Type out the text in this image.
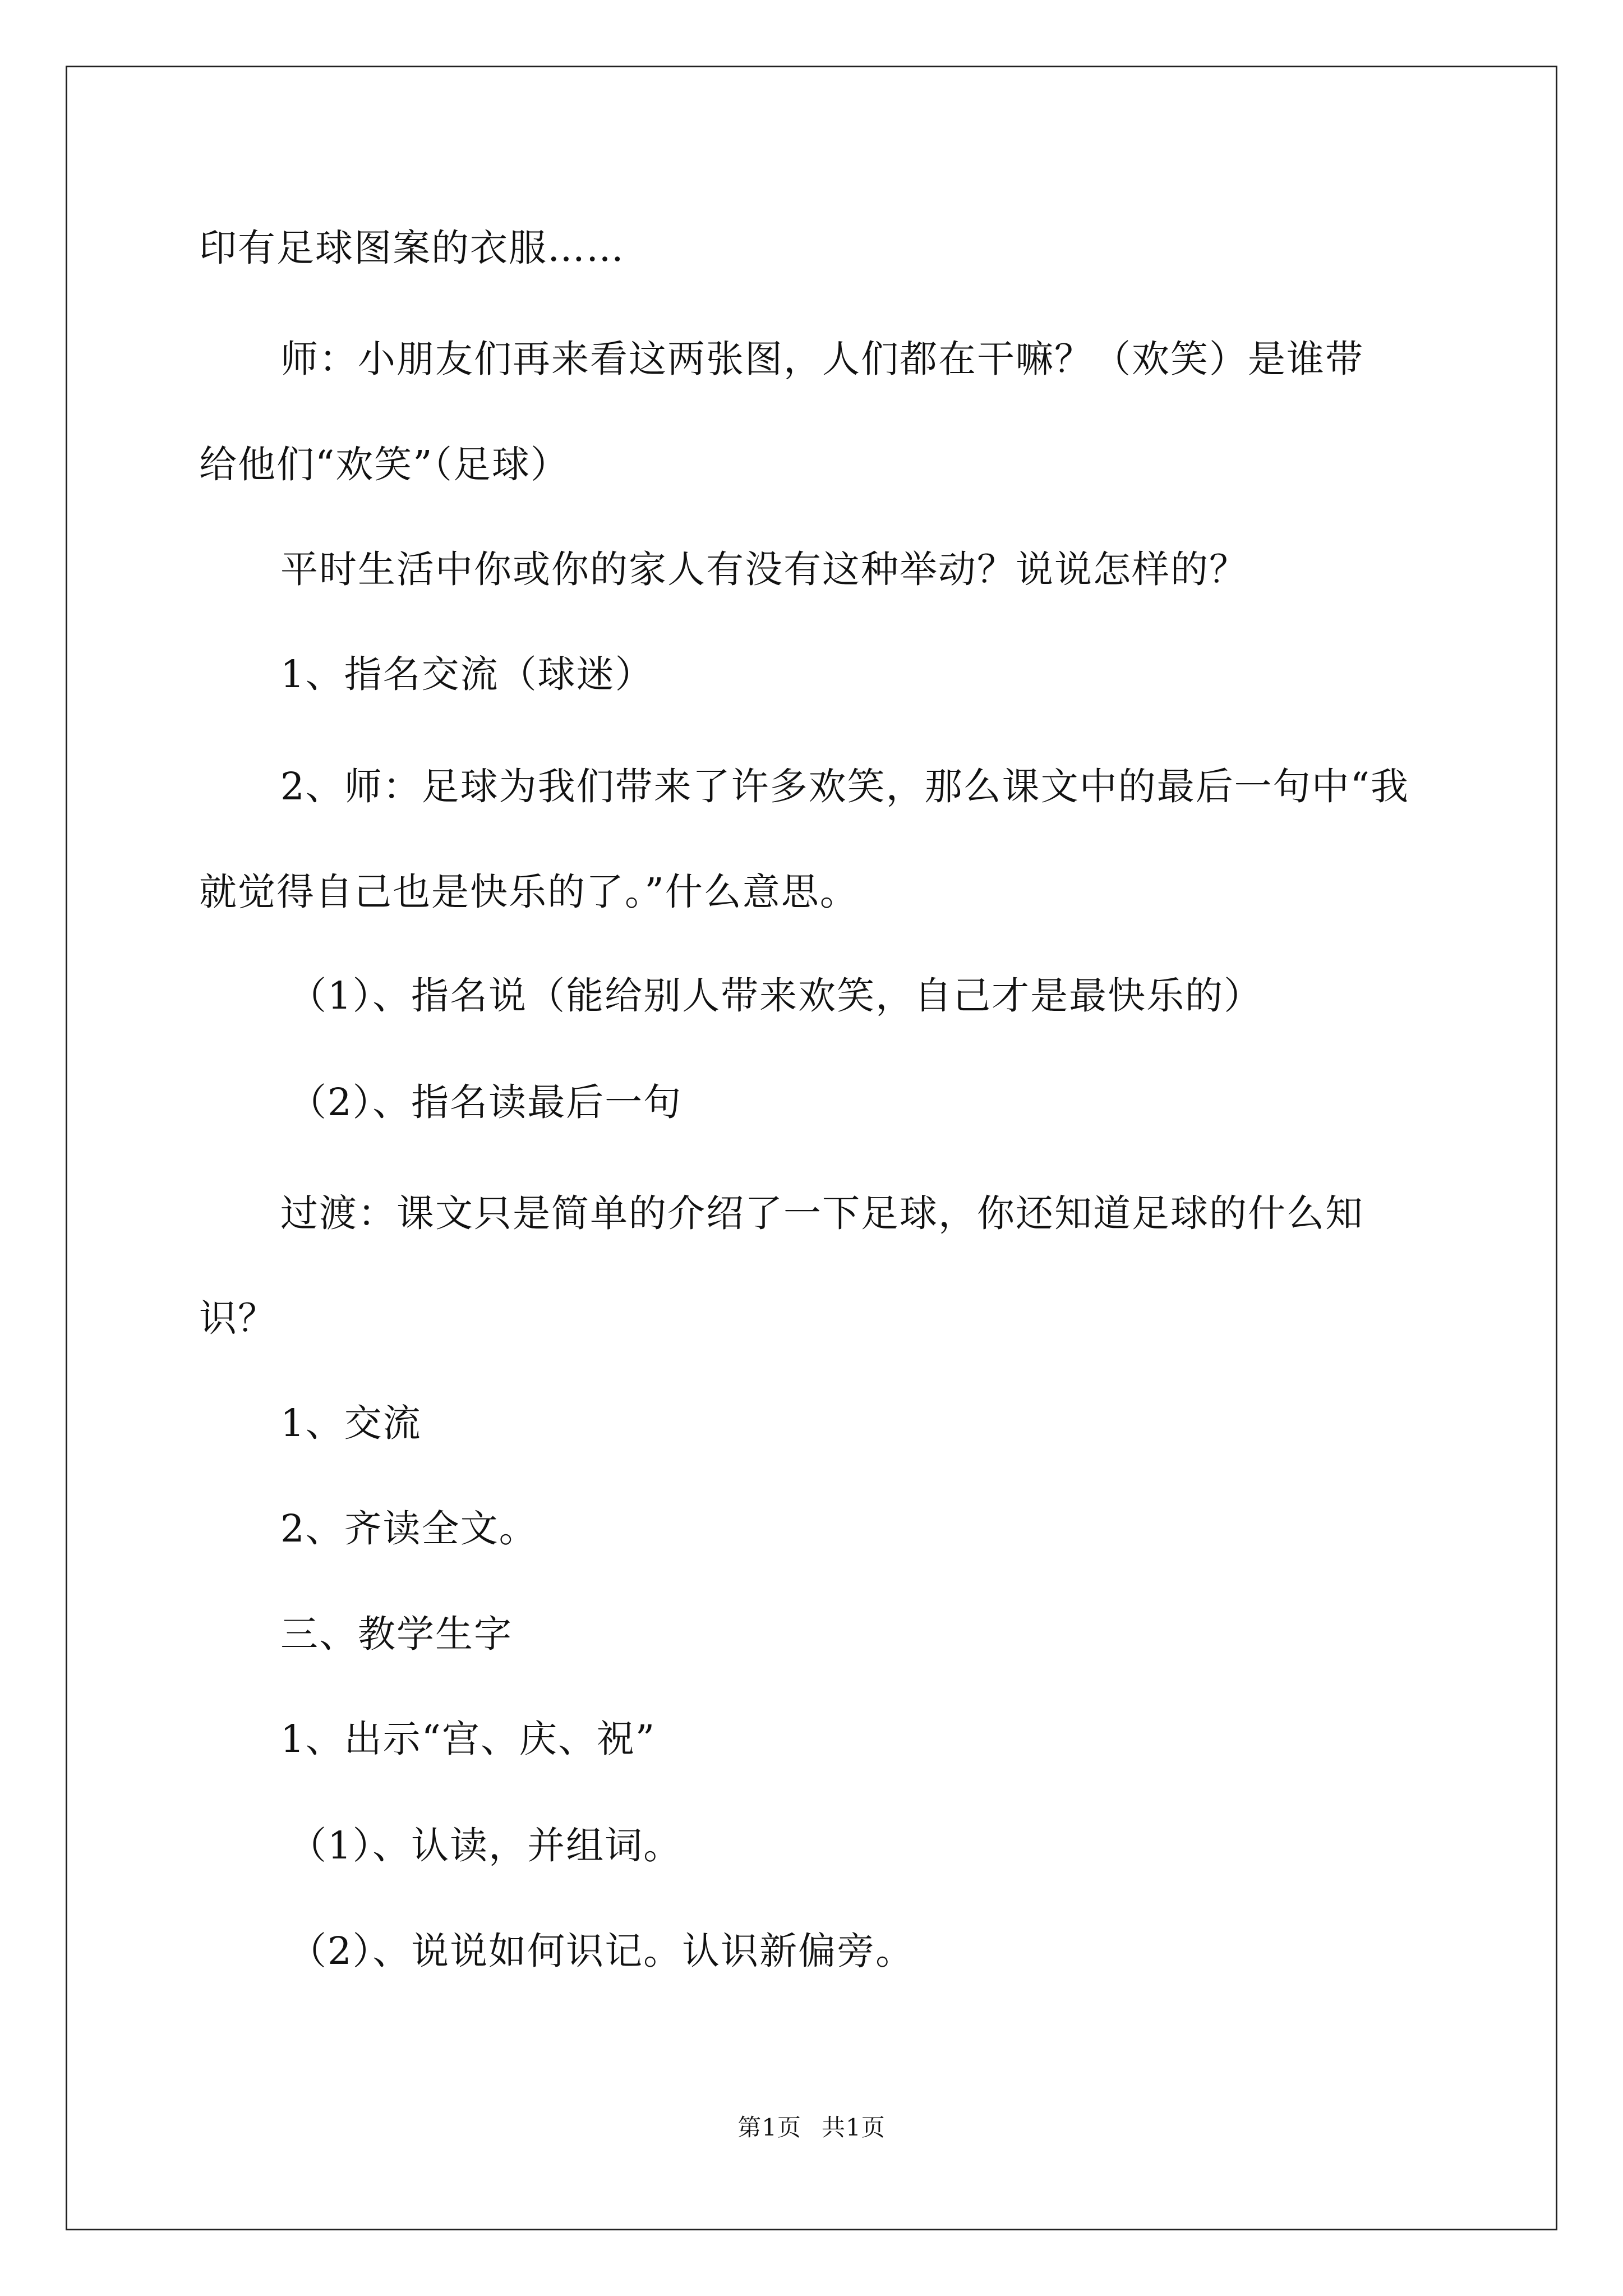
印有足球图案的衣服……
师：小朋友们再来看这两张图，人们都在干嘛？（欢笑）是谁带
给他们“欢笑”（足球）
平时生活中你或你的家人有没有这种举动？说说怎样的？
1、指名交流（球迷）
2、师：足球为我们带来了许多欢笑，那么课文中的最后一句中“我
就觉得自己也是快乐的了。”什么意思。
（1）、指名说（能给别人带来欢笑，自己才是最快乐的）
（2）、指名读最后一句
过渡：课文只是简单的介绍了一下足球，你还知道足球的什么知
识？
1、交流
2、齐读全文。
三、教学生字
1、出示“宫、庆、祝”
（1）、认读，并组词。
（2）、说说如何识记。认识新偏旁。
第1页 共1页
